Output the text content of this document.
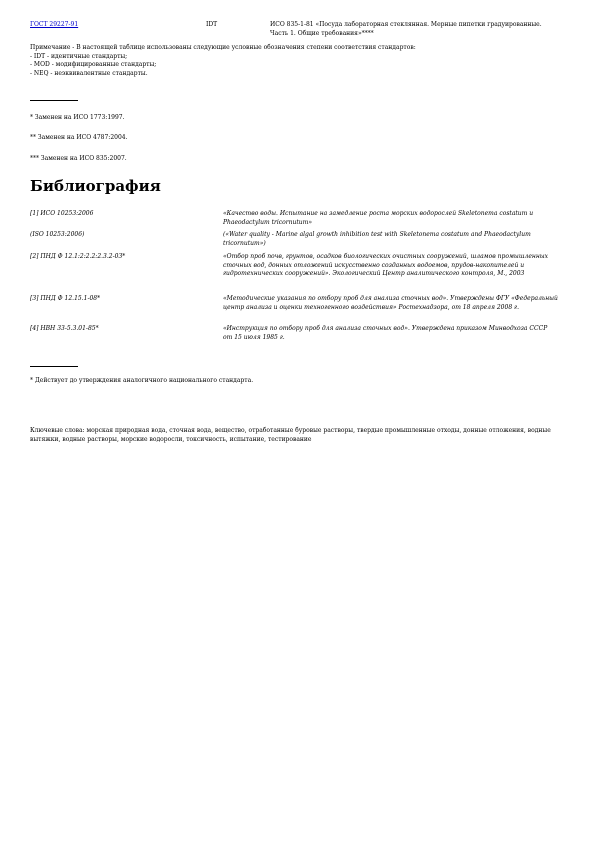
ГОСТ 29227-91	IDT	ИСО 835-1-81 «Посуда лабораторная стеклянная. Мерные пипетки градуированные. Часть 1. Общие требования»****

Примечание - В настоящей таблице использованы следующие условные обозначения степени соответствия стандартов:

- IDT - идентичные стандарты;

- MOD - модифицированные стандарты;

- NEQ - неэквивалентные стандарты.

* Заменен на ИСО 1773:1997.

** Заменен на ИСО 4787:2004.

*** Заменен на ИСО 835:2007.

Библиография
[1] ИСО 10253:2006	«Качество воды. Испытание на замедление роста морских водорослей Skeletonema costatum и Phaeodactylum tricornutum»
(ISO 10253:2006)	(«Water quality - Marine algal growth inhibition test with Skeletonema costatum and Phaeodactylum tricornutum»)
[2] ПНД Ф 12.1:2:2.2:2.3.2-03*	«Отбор проб почв, грунтов, осадков биологических очистных сооружений, шламов промышленных сточных вод, донных отложений искусственно созданных водоемов, прудов-накопителей и гидротехнических сооружений». Экологический Центр аналитического контроля, М., 2003
[3] ПНД Ф 12.15.1-08*	«Методические указания по отбору проб для анализа сточных вод». Утверждены ФГУ «Федеральный центр анализа и оценки техногенного воздействия» Ростехнадзора, от 18 апреля 2008 г.
[4] НВН 33-5.3.01-85*	«Инструкция по отбору проб для анализа сточных вод». Утверждена приказом Минводхоза СССР от 15 июля 1985 г.

* Действует до утверждения аналогичного национального стандарта.

Ключевые слова: морская природная вода, сточная вода, вещество, отработанные буровые растворы, твердые промышленные отходы, донные отложения, водные вытяжки, водные растворы, морские водоросли, токсичность, испытание, тестирование
